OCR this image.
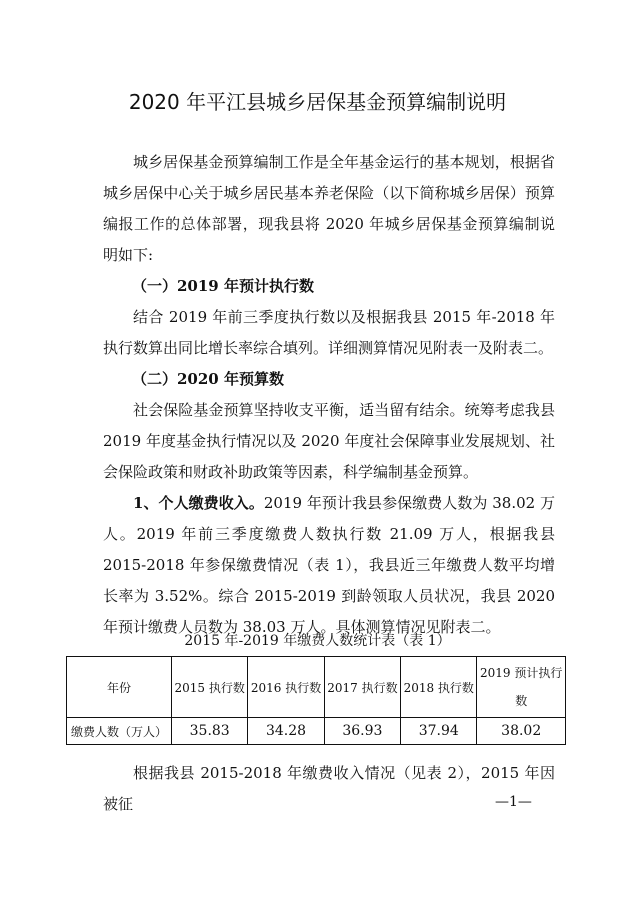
2020 年平江县城乡居保基金预算编制说明

城乡居保基金预算编制工作是全年基金运行的基本规划，根据省城乡居保中心关于城乡居民基本养老保险（以下简称城乡居保）预算编报工作的总体部署，现我县将 2020 年城乡居保基金预算编制说明如下:

（一）2019 年预计执行数

结合 2019 年前三季度执行数以及根据我县 2015 年-2018 年执行数算出同比增长率综合填列。详细测算情况见附表一及附表二。

（二）2020 年预算数

社会保险基金预算坚持收支平衡，适当留有结余。统筹考虑我县 2019 年度基金执行情况以及 2020 年度社会保障事业发展规划、社会保险政策和财政补助政策等因素，科学编制基金预算。

1、个人缴费收入。2019 年预计我县参保缴费人数为 38.02 万人。2019 年前三季度缴费人数执行数 21.09 万人，根据我县 2015-2018 年参保缴费情况（表 1），我县近三年缴费人数平均增长率为 3.52%。综合 2015-2019 到龄领取人员状况，我县 2020 年预计缴费人员数为 38.03 万人。具体测算情况见附表二。

2015 年-2019 年缴费人数统计表（表 1）
年份	2015 执行数	2016 执行数	2017 执行数	2018 执行数	2019 预计执行
数
缴费人数（万人）	35.83	34.28	36.93	37.94	38.02

根据我县 2015-2018 年缴费收入情况（见表 2），2015 年因被征	—1—
